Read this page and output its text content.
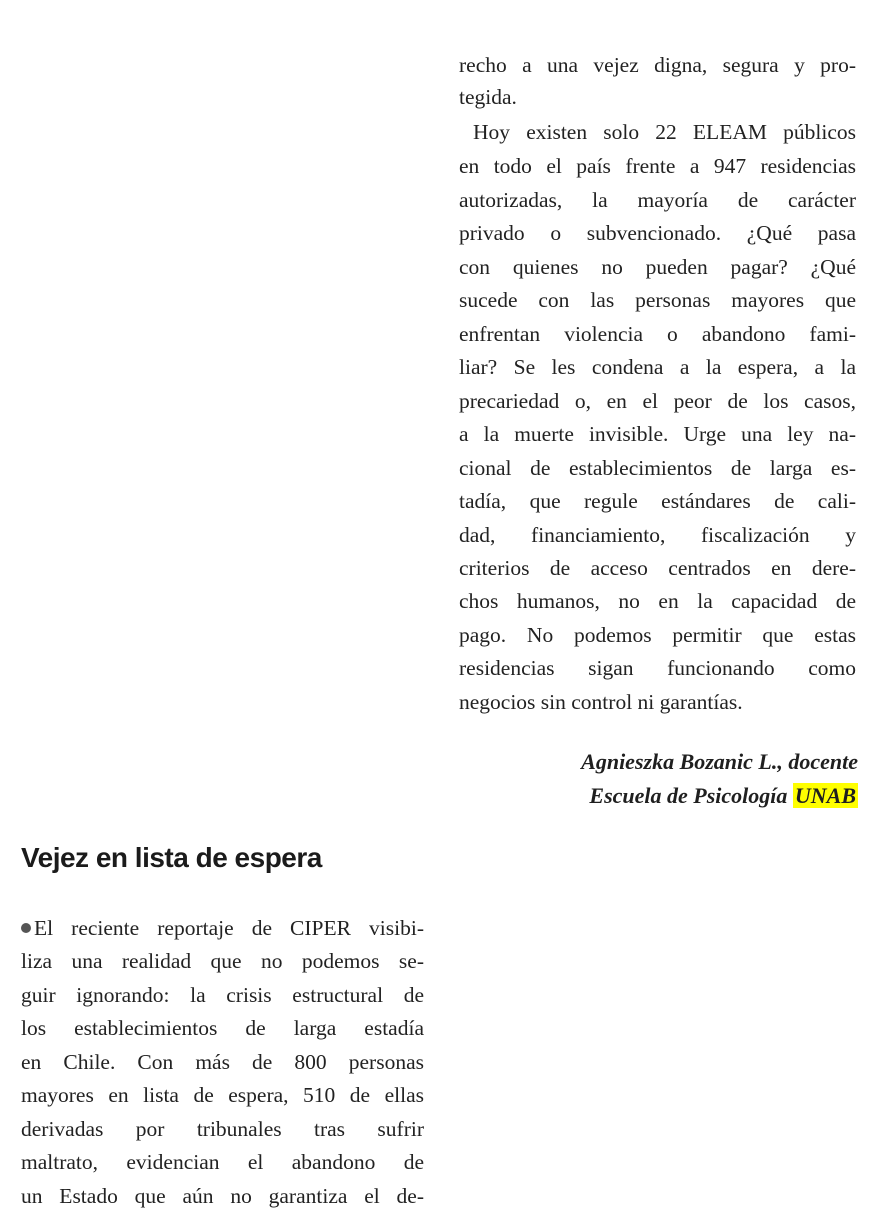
recho a una vejez digna, segura y pro-
tegida.
Hoy existen solo 22 ELEAM públicos
en todo el país frente a 947 residencias
autorizadas, la mayoría de carácter
privado o subvencionado. ¿Qué pasa
con quienes no pueden pagar? ¿Qué
sucede con las personas mayores que
enfrentan violencia o abandono fami-
liar? Se les condena a la espera, a la
precariedad o, en el peor de los casos,
a la muerte invisible. Urge una ley na-
cional de establecimientos de larga es-
tadía, que regule estándares de cali-
dad, financiamiento, fiscalización y
criterios de acceso centrados en dere-
chos humanos, no en la capacidad de
pago. No podemos permitir que estas
residencias sigan funcionando como
negocios sin control ni garantías.
Agnieszka Bozanic L., docente
Escuela de Psicología UNAB
Vejez en lista de espera
El reciente reportaje de CIPER visibi-
liza una realidad que no podemos se-
guir ignorando: la crisis estructural de
los establecimientos de larga estadía
en Chile. Con más de 800 personas
mayores en lista de espera, 510 de ellas
derivadas por tribunales tras sufrir
maltrato, evidencian el abandono de
un Estado que aún no garantiza el de-
